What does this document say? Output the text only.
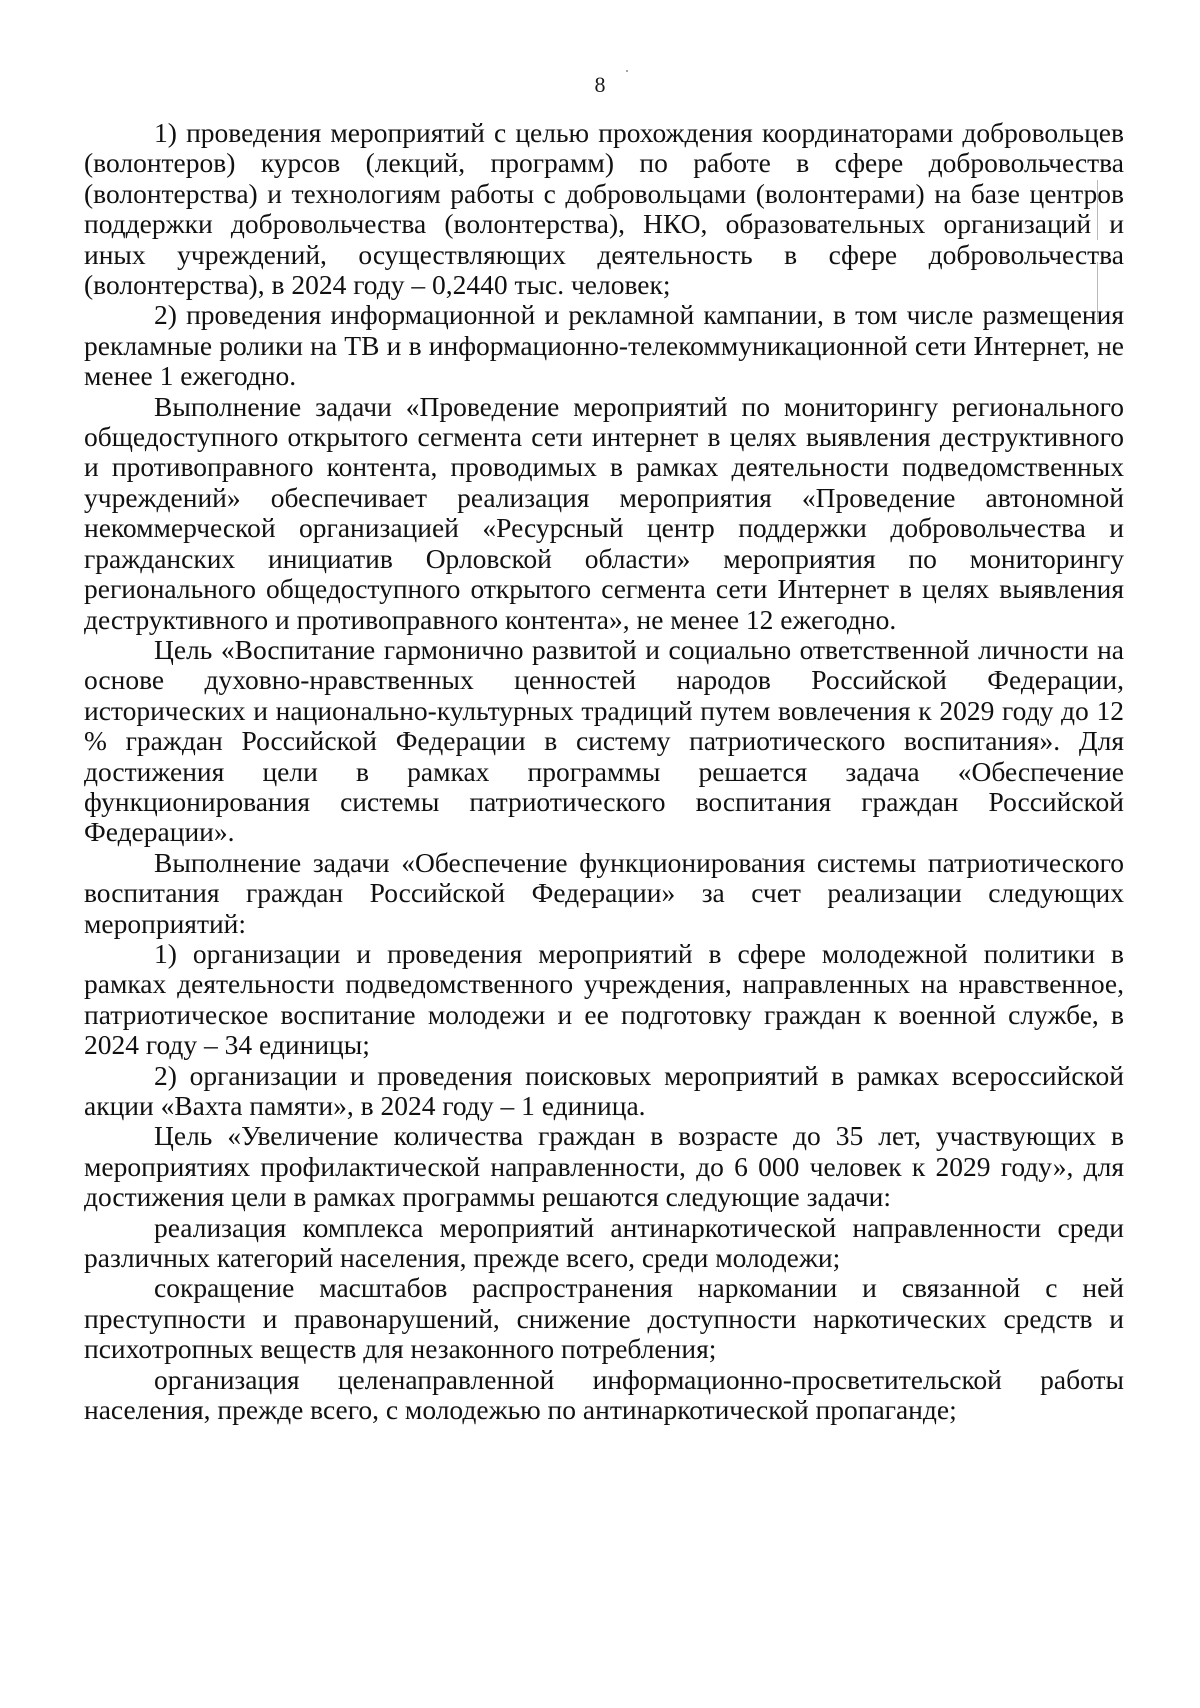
8

1) проведения мероприятий с целью прохождения координаторами добровольцев (волонтеров) курсов (лекций, программ) по работе в сфере добровольчества (волонтерства) и технологиям работы с добровольцами (волонтерами) на базе центров поддержки добровольчества (волонтерства), НКО, образовательных организаций и иных учреждений, осуществляющих деятельность в сфере добровольчества (волонтерства), в 2024 году – 0,2440 тыс. человек;

2) проведения информационной и рекламной кампании, в том числе размещения рекламные ролики на ТВ и в информационно-телекоммуникационной сети Интернет, не менее 1 ежегодно.

Выполнение задачи «Проведение мероприятий по мониторингу регионального общедоступного открытого сегмента сети интернет в целях выявления деструктивного и противоправного контента, проводимых в рамках деятельности подведомственных учреждений» обеспечивает реализация мероприятия «Проведение автономной некоммерческой организацией «Ресурсный центр поддержки добровольчества и гражданских инициатив Орловской области» мероприятия по мониторингу регионального общедоступного открытого сегмента сети Интернет в целях выявления деструктивного и противоправного контента», не менее 12 ежегодно.

Цель «Воспитание гармонично развитой и социально ответственной личности на основе духовно-нравственных ценностей народов Российской Федерации, исторических и национально-культурных традиций путем вовлечения к 2029 году до 12 % граждан Российской Федерации в систему патриотического воспитания». Для достижения цели в рамках программы решается задача «Обеспечение функционирования системы патриотического воспитания граждан Российской Федерации».

Выполнение задачи «Обеспечение функционирования системы патриотического воспитания граждан Российской Федерации» за счет реализации следующих мероприятий:

1) организации и проведения мероприятий в сфере молодежной политики в рамках деятельности подведомственного учреждения, направленных на нравственное, патриотическое воспитание молодежи и ее подготовку граждан к военной службе, в 2024 году – 34 единицы;

2) организации и проведения поисковых мероприятий в рамках всероссийской акции «Вахта памяти», в 2024 году – 1 единица.

Цель «Увеличение количества граждан в возрасте до 35 лет, участвующих в мероприятиях профилактической направленности, до 6 000 человек к 2029 году», для достижения цели в рамках программы решаются следующие задачи:

реализация комплекса мероприятий антинаркотической направленности среди различных категорий населения, прежде всего, среди молодежи;

сокращение масштабов распространения наркомании и связанной с ней преступности и правонарушений, снижение доступности наркотических средств и психотропных веществ для незаконного потребления;

организация целенаправленной информационно-просветительской работы населения, прежде всего, с молодежью по антинаркотической пропаганде;
